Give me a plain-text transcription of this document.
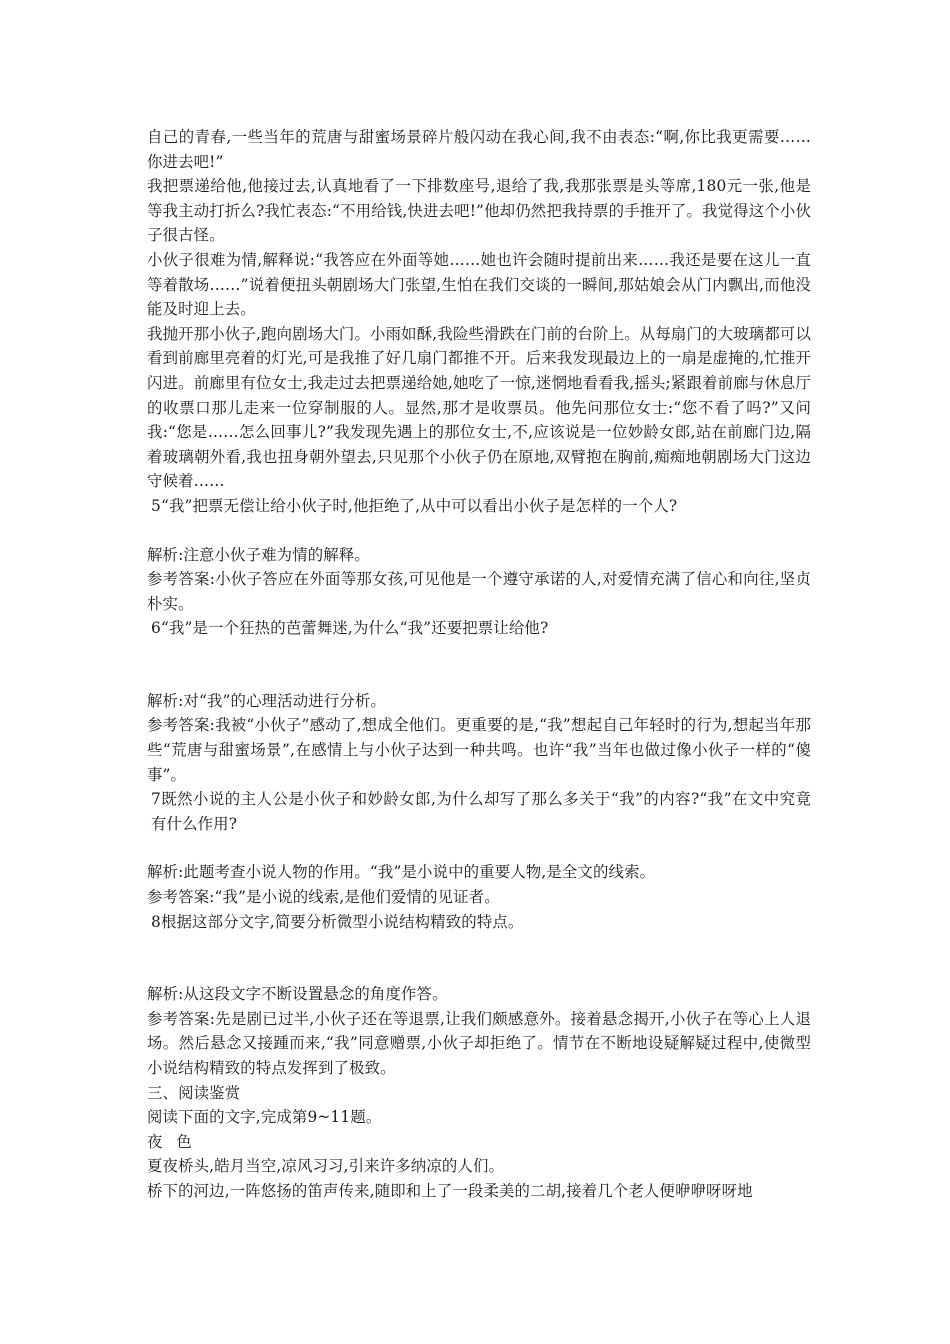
自己的青春,一些当年的荒唐与甜蜜场景碎片般闪动在我心间,我不由表态:“啊,你比我更需要……你进去吧!”

我把票递给他,他接过去,认真地看了一下排数座号,退给了我,我那张票是头等席,180元一张,他是等我主动打折么?我忙表态:“不用给钱,快进去吧!”他却仍然把我持票的手推开了。我觉得这个小伙子很古怪。

小伙子很难为情,解释说:“我答应在外面等她……她也许会随时提前出来……我还是要在这儿一直等着散场……”说着便扭头朝剧场大门张望,生怕在我们交谈的一瞬间,那姑娘会从门内飘出,而他没能及时迎上去。

我抛开那小伙子,跑向剧场大门。小雨如酥,我险些滑跌在门前的台阶上。从每扇门的大玻璃都可以看到前廊里亮着的灯光,可是我推了好几扇门都推不开。后来我发现最边上的一扇是虚掩的,忙推开闪进。前廊里有位女士,我走过去把票递给她,她吃了一惊,迷惘地看看我,摇头;紧跟着前廊与休息厅的收票口那儿走来一位穿制服的人。显然,那才是收票员。他先问那位女士:“您不看了吗?”又问我:“您是……怎么回事儿?”我发现先遇上的那位女士,不,应该说是一位妙龄女郎,站在前廊门边,隔着玻璃朝外看,我也扭身朝外望去,只见那个小伙子仍在原地,双臂抱在胸前,痴痴地朝剧场大门这边守候着……

5“我”把票无偿让给小伙子时,他拒绝了,从中可以看出小伙子是怎样的一个人?

解析:注意小伙子难为情的解释。

参考答案:小伙子答应在外面等那女孩,可见他是一个遵守承诺的人,对爱情充满了信心和向往,坚贞朴实。

6“我”是一个狂热的芭蕾舞迷,为什么“我”还要把票让给他?

解析:对“我”的心理活动进行分析。

参考答案:我被“小伙子”感动了,想成全他们。更重要的是,“我”想起自己年轻时的行为,想起当年那些“荒唐与甜蜜场景”,在感情上与小伙子达到一种共鸣。也许“我”当年也做过像小伙子一样的“傻事”。

7既然小说的主人公是小伙子和妙龄女郎,为什么却写了那么多关于“我”的内容?“我”在文中究竟有什么作用?

解析:此题考查小说人物的作用。“我”是小说中的重要人物,是全文的线索。

参考答案:“我”是小说的线索,是他们爱情的见证者。

8根据这部分文字,简要分析微型小说结构精致的特点。

解析:从这段文字不断设置悬念的角度作答。

参考答案:先是剧已过半,小伙子还在等退票,让我们颇感意外。接着悬念揭开,小伙子在等心上人退场。然后悬念又接踵而来,“我”同意赠票,小伙子却拒绝了。情节在不断地设疑解疑过程中,使微型小说结构精致的特点发挥到了极致。

三、阅读鉴赏

阅读下面的文字,完成第9~11题。

夜色

夏夜桥头,皓月当空,凉风习习,引来许多纳凉的人们。

桥下的河边,一阵悠扬的笛声传来,随即和上了一段柔美的二胡,接着几个老人便咿咿呀呀地
